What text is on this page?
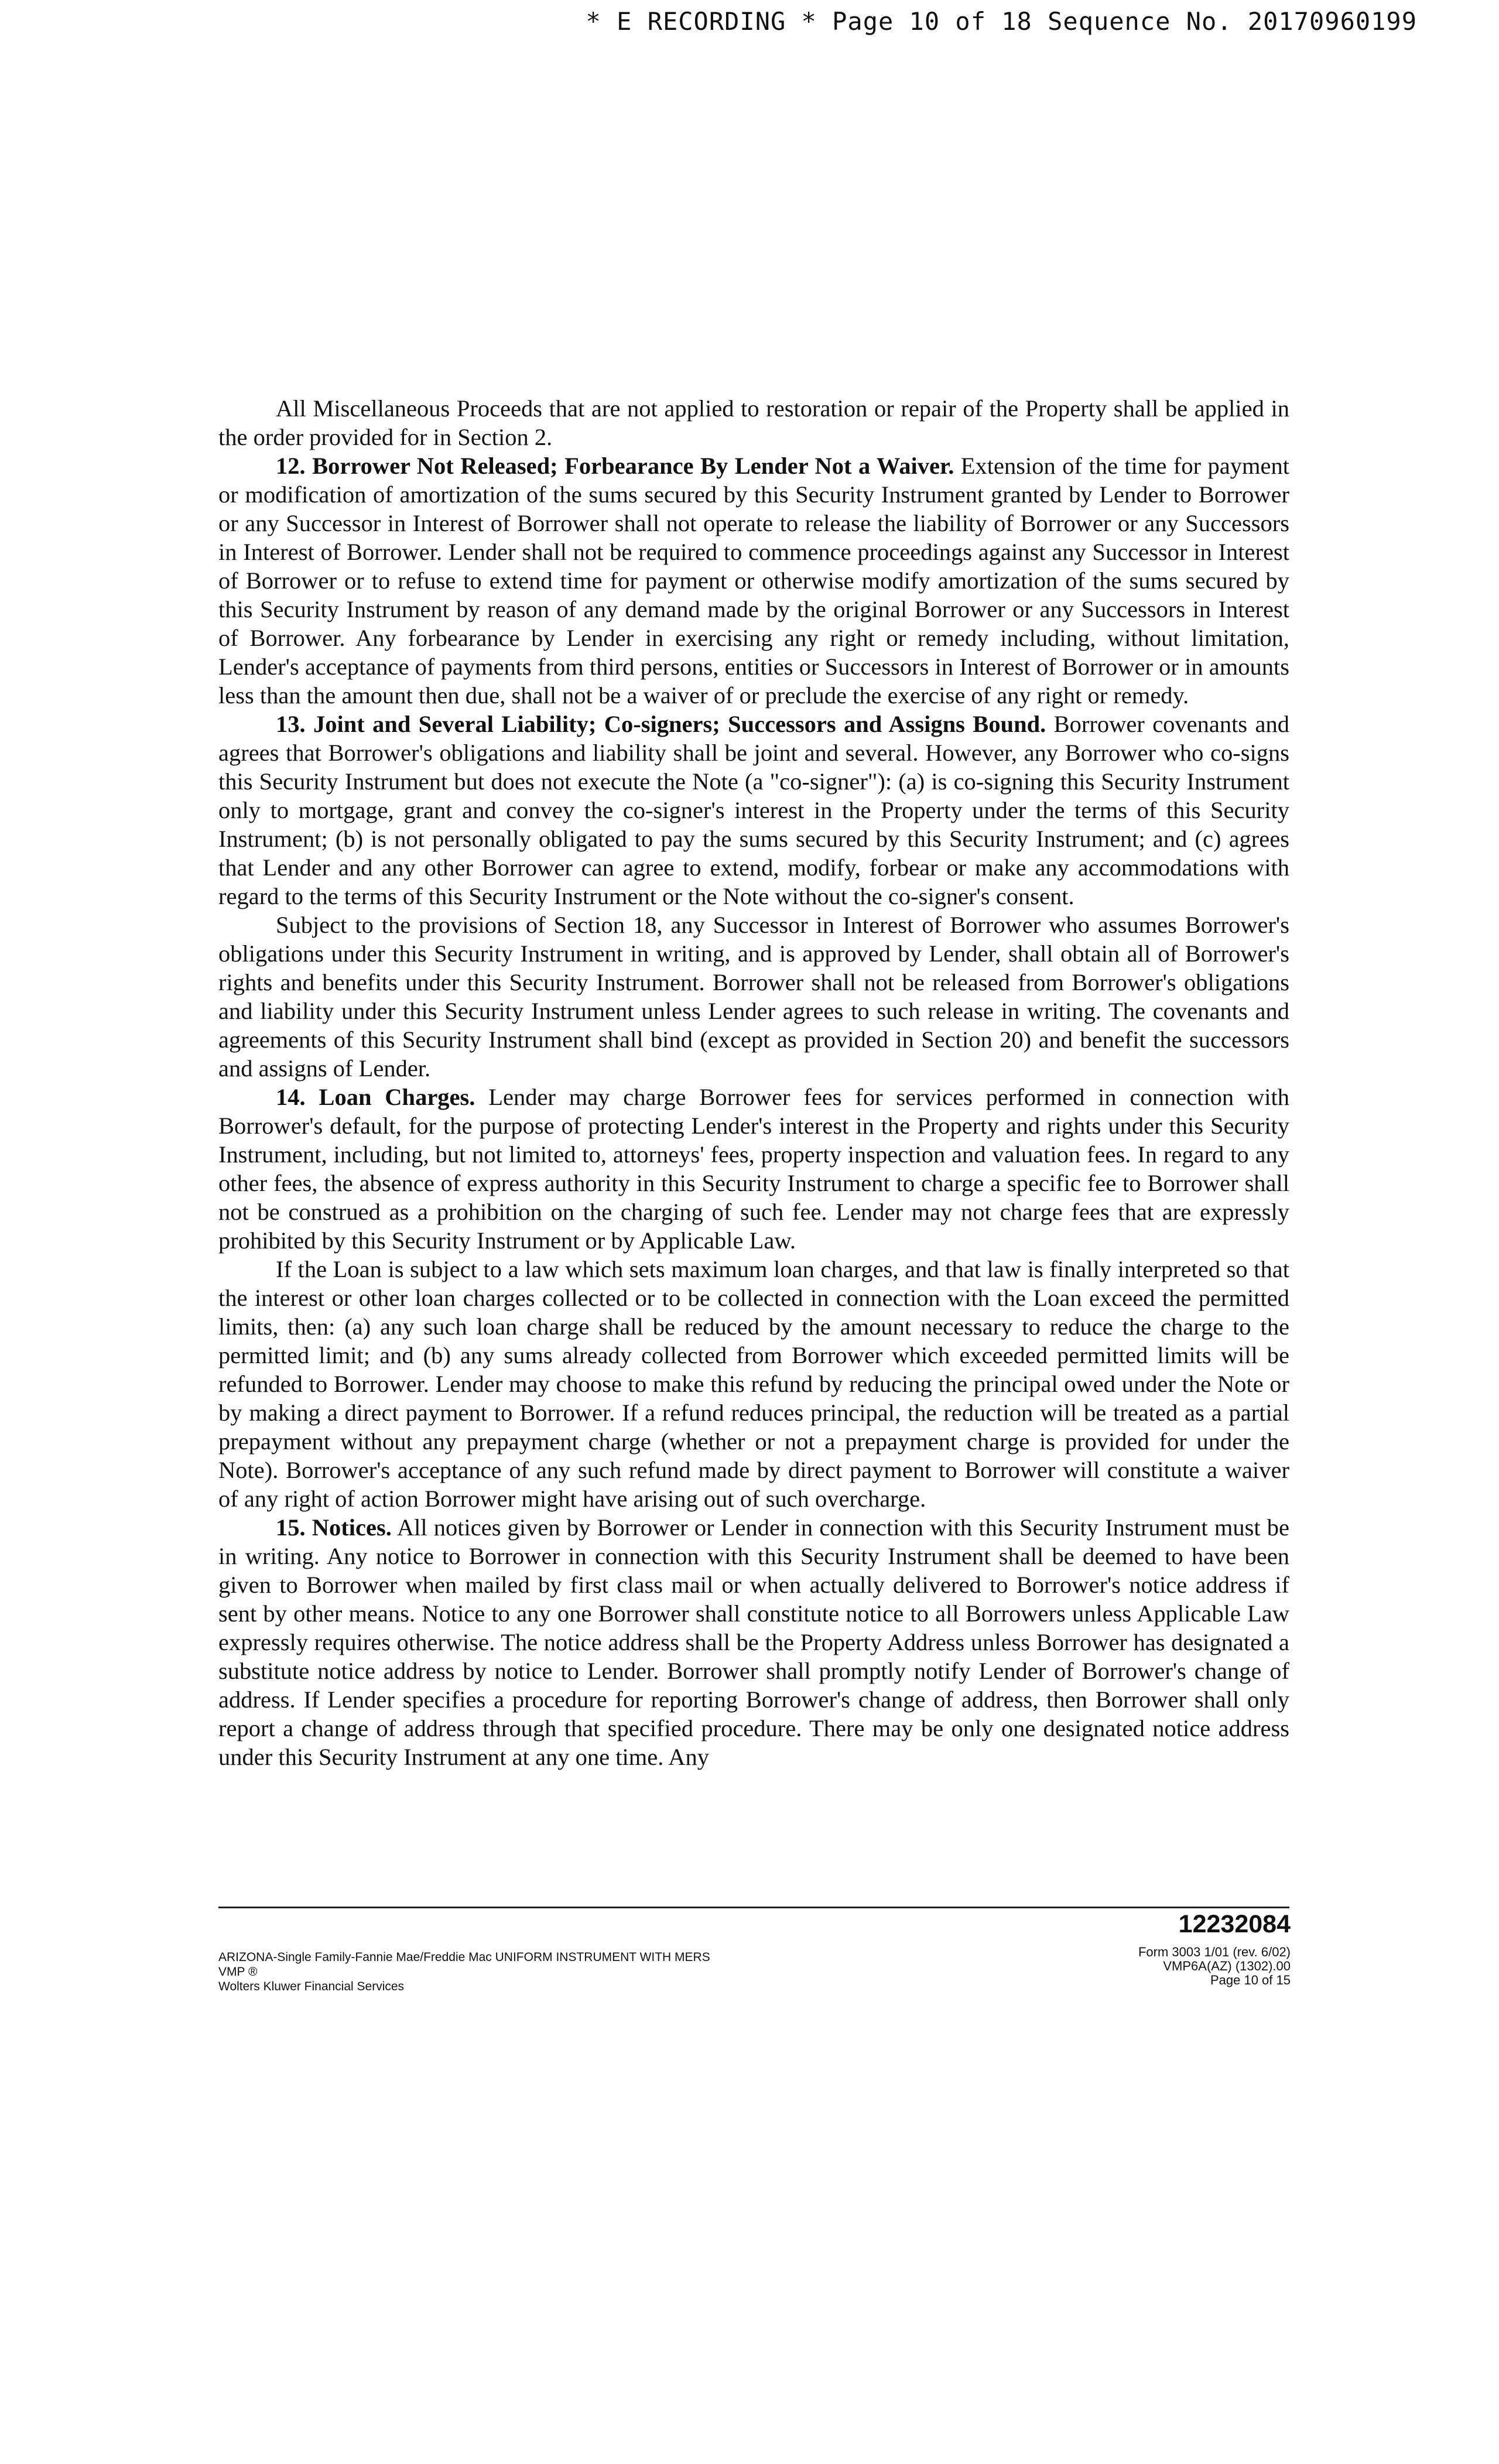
* E RECORDING * Page 10 of 18 Sequence No. 20170960199

All Miscellaneous Proceeds that are not applied to restoration or repair of the Property shall be applied in the order provided for in Section 2.

12. Borrower Not Released; Forbearance By Lender Not a Waiver. Extension of the time for payment or modification of amortization of the sums secured by this Security Instrument granted by Lender to Borrower or any Successor in Interest of Borrower shall not operate to release the liability of Borrower or any Successors in Interest of Borrower. Lender shall not be required to commence proceedings against any Successor in Interest of Borrower or to refuse to extend time for payment or otherwise modify amortization of the sums secured by this Security Instrument by reason of any demand made by the original Borrower or any Successors in Interest of Borrower. Any forbearance by Lender in exercising any right or remedy including, without limitation, Lender's acceptance of payments from third persons, entities or Successors in Interest of Borrower or in amounts less than the amount then due, shall not be a waiver of or preclude the exercise of any right or remedy.

13. Joint and Several Liability; Co-signers; Successors and Assigns Bound. Borrower covenants and agrees that Borrower's obligations and liability shall be joint and several. However, any Borrower who co-signs this Security Instrument but does not execute the Note (a "co-signer"): (a) is co-signing this Security Instrument only to mortgage, grant and convey the co-signer's interest in the Property under the terms of this Security Instrument; (b) is not personally obligated to pay the sums secured by this Security Instrument; and (c) agrees that Lender and any other Borrower can agree to extend, modify, forbear or make any accommodations with regard to the terms of this Security Instrument or the Note without the co-signer's consent.

Subject to the provisions of Section 18, any Successor in Interest of Borrower who assumes Borrower's obligations under this Security Instrument in writing, and is approved by Lender, shall obtain all of Borrower's rights and benefits under this Security Instrument. Borrower shall not be released from Borrower's obligations and liability under this Security Instrument unless Lender agrees to such release in writing. The covenants and agreements of this Security Instrument shall bind (except as provided in Section 20) and benefit the successors and assigns of Lender.

14. Loan Charges. Lender may charge Borrower fees for services performed in connection with Borrower's default, for the purpose of protecting Lender's interest in the Property and rights under this Security Instrument, including, but not limited to, attorneys' fees, property inspection and valuation fees. In regard to any other fees, the absence of express authority in this Security Instrument to charge a specific fee to Borrower shall not be construed as a prohibition on the charging of such fee. Lender may not charge fees that are expressly prohibited by this Security Instrument or by Applicable Law.

If the Loan is subject to a law which sets maximum loan charges, and that law is finally interpreted so that the interest or other loan charges collected or to be collected in connection with the Loan exceed the permitted limits, then: (a) any such loan charge shall be reduced by the amount necessary to reduce the charge to the permitted limit; and (b) any sums already collected from Borrower which exceeded permitted limits will be refunded to Borrower. Lender may choose to make this refund by reducing the principal owed under the Note or by making a direct payment to Borrower. If a refund reduces principal, the reduction will be treated as a partial prepayment without any prepayment charge (whether or not a prepayment charge is provided for under the Note). Borrower's acceptance of any such refund made by direct payment to Borrower will constitute a waiver of any right of action Borrower might have arising out of such overcharge.

15. Notices. All notices given by Borrower or Lender in connection with this Security Instrument must be in writing. Any notice to Borrower in connection with this Security Instrument shall be deemed to have been given to Borrower when mailed by first class mail or when actually delivered to Borrower's notice address if sent by other means. Notice to any one Borrower shall constitute notice to all Borrowers unless Applicable Law expressly requires otherwise. The notice address shall be the Property Address unless Borrower has designated a substitute notice address by notice to Lender. Borrower shall promptly notify Lender of Borrower's change of address. If Lender specifies a procedure for reporting Borrower's change of address, then Borrower shall only report a change of address through that specified procedure. There may be only one designated notice address under this Security Instrument at any one time. Any

12232084
ARIZONA-Single Family-Fannie Mae/Freddie Mac UNIFORM INSTRUMENT WITH MERS
VMP ®
Wolters Kluwer Financial Services
Form 3003 1/01 (rev. 6/02)
VMP6A(AZ) (1302).00
Page 10 of 15
